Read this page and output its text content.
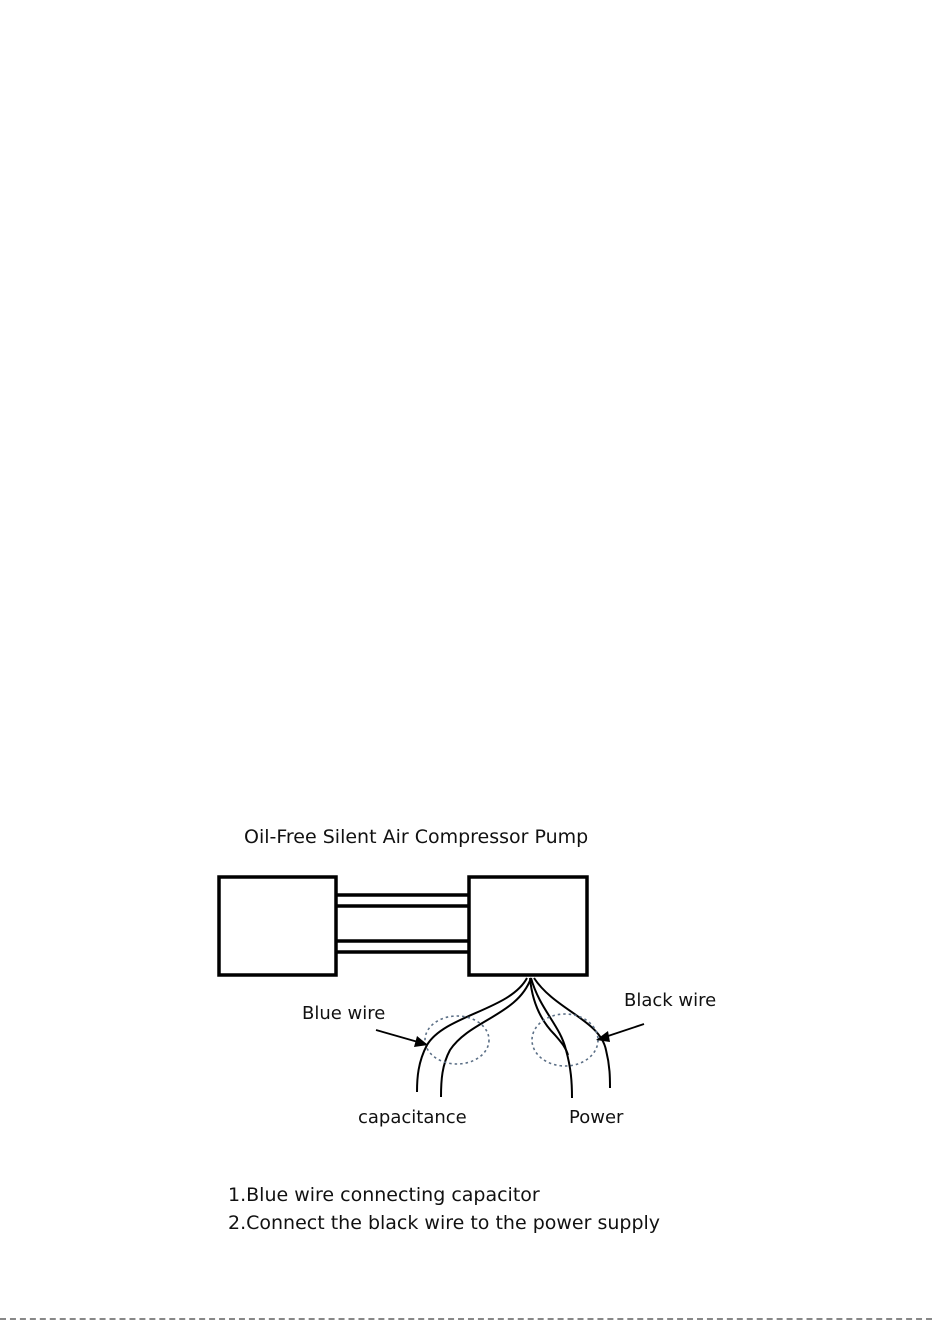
Oil-Free Silent Air Compressor Pump
Blue wire
Black wire
capacitance	Power
1.Blue wire connecting capacitor
2.Connect the black wire to the power supply
